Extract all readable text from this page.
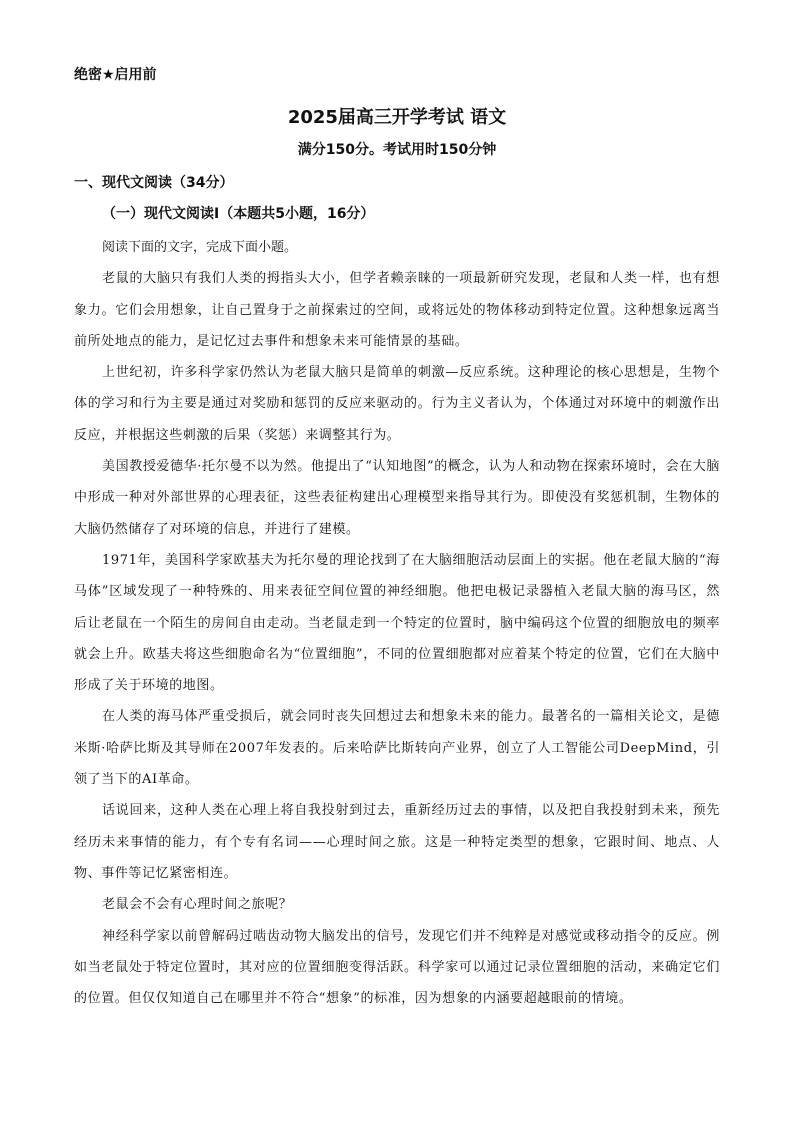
绝密★启用前
2025届高三开学考试 语文
满分150分。考试用时150分钟
一、现代文阅读（34分）
（一）现代文阅读Ⅰ（本题共5小题，16分）

阅读下面的文字，完成下面小题。

老鼠的大脑只有我们人类的拇指头大小，但学者赖亲睐的一项最新研究发现，老鼠和人类一样，也有想象力。它们会用想象，让自己置身于之前探索过的空间，或将远处的物体移动到特定位置。这种想象远离当前所处地点的能力，是记忆过去事件和想象未来可能情景的基础。

上世纪初，许多科学家仍然认为老鼠大脑只是简单的刺激—反应系统。这种理论的核心思想是，生物个体的学习和行为主要是通过对奖励和惩罚的反应来驱动的。行为主义者认为，个体通过对环境中的刺激作出反应，并根据这些刺激的后果（奖惩）来调整其行为。

美国教授爱德华·托尔曼不以为然。他提出了“认知地图”的概念，认为人和动物在探索环境时，会在大脑中形成一种对外部世界的心理表征，这些表征构建出心理模型来指导其行为。即使没有奖惩机制，生物体的大脑仍然储存了对环境的信息，并进行了建模。

1971年，美国科学家欧基夫为托尔曼的理论找到了在大脑细胞活动层面上的实据。他在老鼠大脑的“海马体”区域发现了一种特殊的、用来表征空间位置的神经细胞。他把电极记录器植入老鼠大脑的海马区，然后让老鼠在一个陌生的房间自由走动。当老鼠走到一个特定的位置时，脑中编码这个位置的细胞放电的频率就会上升。欧基夫将这些细胞命名为“位置细胞”，不同的位置细胞都对应着某个特定的位置，它们在大脑中形成了关于环境的地图。

在人类的海马体严重受损后，就会同时丧失回想过去和想象未来的能力。最著名的一篇相关论文，是德米斯·哈萨比斯及其导师在2007年发表的。后来哈萨比斯转向产业界，创立了人工智能公司DeepMind，引领了当下的AI革命。

话说回来，这种人类在心理上将自我投射到过去，重新经历过去的事情，以及把自我投射到未来，预先经历未来事情的能力，有个专有名词——心理时间之旅。这是一种特定类型的想象，它跟时间、地点、人物、事件等记忆紧密相连。

老鼠会不会有心理时间之旅呢？

神经科学家以前曾解码过啮齿动物大脑发出的信号，发现它们并不纯粹是对感觉或移动指令的反应。例如当老鼠处于特定位置时，其对应的位置细胞变得活跃。科学家可以通过记录位置细胞的活动，来确定它们的位置。但仅仅知道自己在哪里并不符合“想象”的标准，因为想象的内涵要超越眼前的情境。
